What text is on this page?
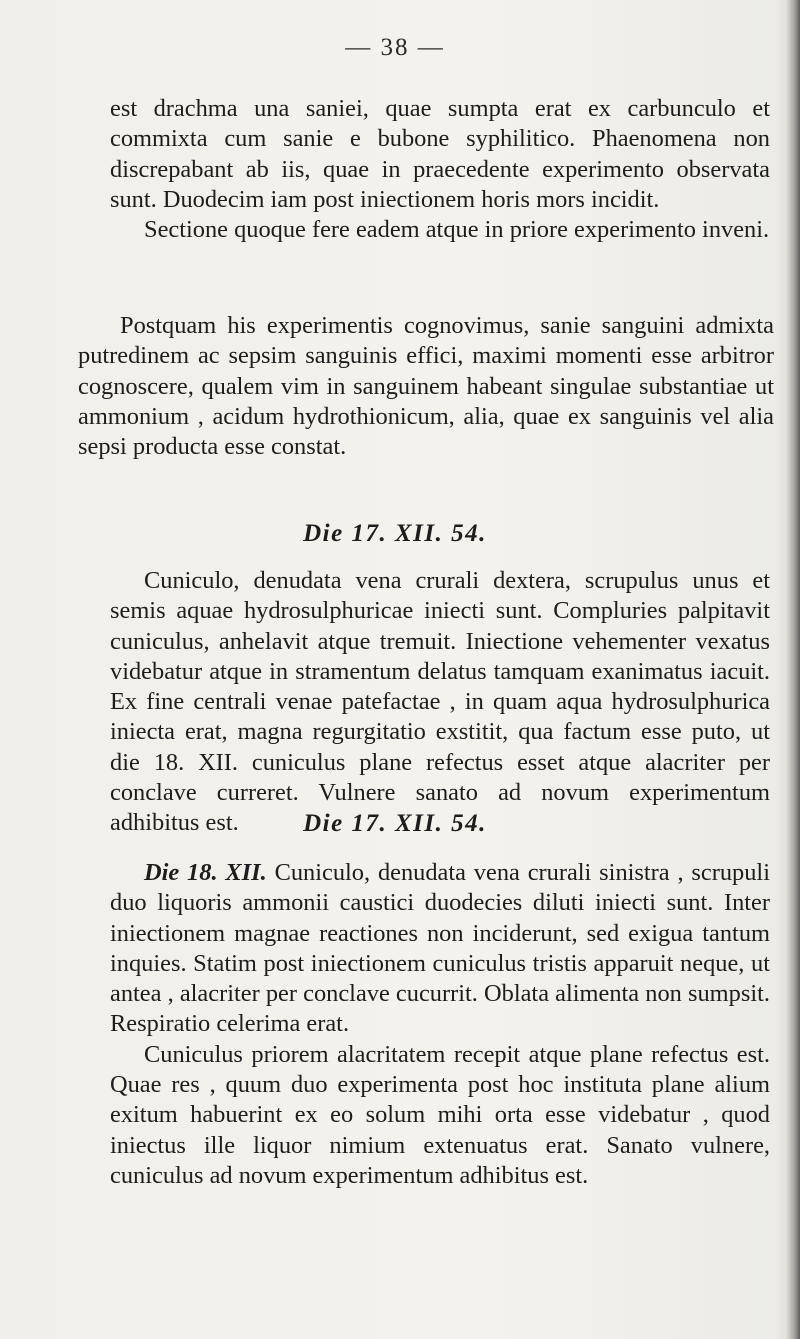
— 38 —

est drachma una saniei, quae sumpta erat ex carbunculo et commixta cum sanie e bubone syphilitico. Phaenomena non discrepabant ab iis, quae in praecedente experimento observata sunt. Duodecim iam post iniectionem horis mors incidit.

Sectione quoque fere eadem atque in priore experimento inveni.

Postquam his experimentis cognovimus, sanie sanguini admixta putredinem ac sepsim sanguinis effici, maximi momenti esse arbitror cognoscere, qualem vim in sanguinem habeant singulae substantiae ut ammonium , acidum hydrothionicum, alia, quae ex sanguinis vel alia sepsi producta esse constat.

Die 17. XII. 54.

Cuniculo, denudata vena crurali dextera, scrupulus unus et semis aquae hydrosulphuricae iniecti sunt. Compluries palpitavit cuniculus, anhelavit atque tremuit. Iniectione vehementer vexatus videbatur atque in stramentum delatus tamquam exanimatus iacuit. Ex fine centrali venae patefactae , in quam aqua hydrosulphurica iniecta erat, magna regurgitatio exstitit, qua factum esse puto, ut die 18. XII. cuniculus plane refectus esset atque alacriter per conclave curreret. Vulnere sanato ad novum experimentum adhibitus est.	Die 17. XII. 54.

Die 18. XII. Cuniculo, denudata vena crurali sinistra , scrupuli duo liquoris ammonii caustici duodecies diluti iniecti sunt. Inter iniectionem magnae reactiones non inciderunt, sed exigua tantum inquies. Statim post iniectionem cuniculus tristis apparuit neque, ut antea , alacriter per conclave cucurrit. Oblata alimenta non sumpsit. Respiratio celerima erat.

Cuniculus priorem alacritatem recepit atque plane refectus est. Quae res , quum duo experimenta post hoc instituta plane alium exitum habuerint ex eo solum mihi orta esse videbatur , quod iniectus ille liquor nimium extenuatus erat. Sanato vulnere, cuniculus ad novum experimentum adhibitus est.
